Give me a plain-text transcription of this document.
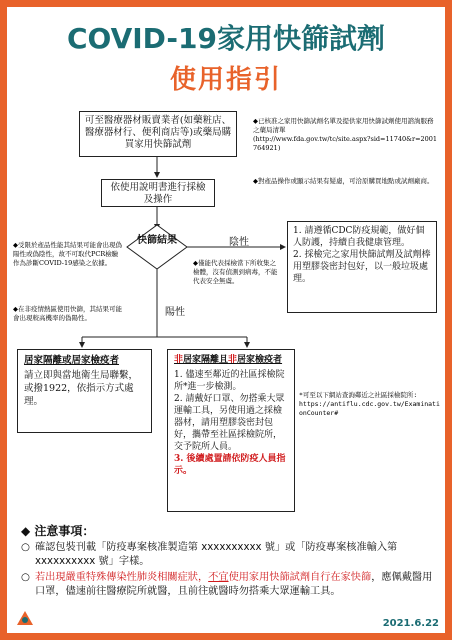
COVID-19家用快篩試劑
使用指引
可至醫療器材販賣業者(如藥粧店、醫療器材行、便利商店等)或藥局購買家用快篩試劑
依使用說明書進行採檢及操作
快篩結果	陰性
陽性
◆已核准之家用快篩試劑名單及提供家用快篩試劑使用諮詢服務之藥局清單
(http://www.fda.gov.tw/tc/site.aspx?sid=11740&r=2001764921)
◆對產品操作或顯示結果有疑慮，可洽原購買地點或試劑廠商。
1. 請遵循CDC防疫規範，做好個人防護，持續自我健康管理。
2. 採檢完之家用快篩試劑及試劑棒用塑膠袋密封包好，以一般垃圾處理。
◆僅能代表採檢當下所收集之檢體，沒有偵測到病毒，不能代表安全無虞。
◆受限於產品性能其結果可能會出現偽陽性或偽陰性，故不可取代PCR檢驗作為診斷COVID-19感染之依據。
◆在非疫情熱區使用快篩，其結果可能會出現較高機率的偽陽性。
居家隔離或居家檢疫者
請立即與當地衛生局聯繫，或撥1922，依指示方式處理。
非居家隔離且非居家檢疫者
1. 儘速至鄰近的社區採檢院所*進一步檢測。
2. 請戴好口罩、勿搭乘大眾運輸工具，另使用過之採檢器材，請用塑膠袋密封包好，攜帶至社區採檢院所，交予院所人員。
3. 後續處置請依防疫人員指示。
*可至以下網站查詢鄰近之社區採檢院所:
https://antiflu.cdc.gov.tw/ExaminationCounter#
◆ 注意事項：
○ 確認包裝刊載「防疫專案核准製造第 xxxxxxxxxx 號」或「防疫專案核准輸入第 xxxxxxxxxx 號」字樣。
○ 若出現嚴重特殊傳染性肺炎相關症狀，不宜使用家用快篩試劑自行在家快篩，應佩戴醫用口罩，儘速前往醫療院所就醫，且前往就醫時勿搭乘大眾運輸工具。
2021.6.22
